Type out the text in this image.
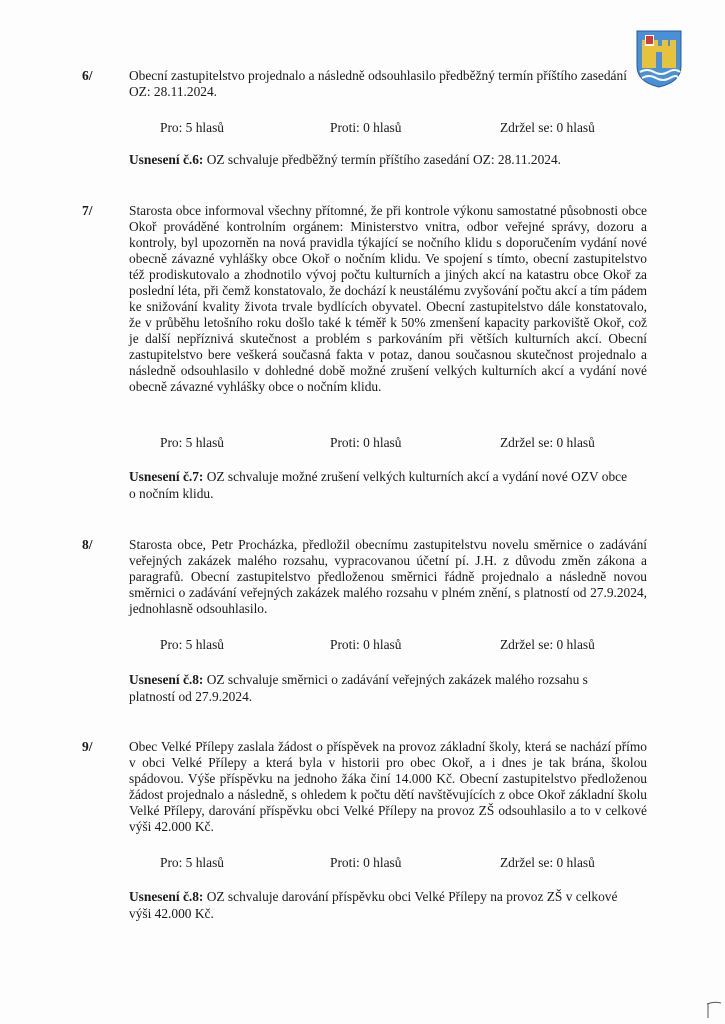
6/	Obecní zastupitelstvo projednalo a následně odsouhlasilo předběžný termín příštího zasedání OZ: 28.11.2024.

Pro: 5 hlasů	Proti: 0 hlasů	Zdržel se: 0 hlasů

Usnesení č.6: OZ schvaluje předběžný termín příštího zasedání OZ: 28.11.2024.

7/	Starosta obce informoval všechny přítomné, že při kontrole výkonu samostatné působnosti obce Okoř prováděné kontrolním orgánem: Ministerstvo vnitra, odbor veřejné správy, dozoru a kontroly, byl upozorněn na nová pravidla týkající se nočního klidu s doporučením vydání nové obecně závazné vyhlášky obce Okoř o nočním klidu. Ve spojení s tímto, obecní zastupitelstvo též prodiskutovalo a zhodnotilo vývoj počtu kulturních a jiných akcí na katastru obce Okoř za poslední léta, při čemž konstatovalo, že dochází k neustálému zvyšování počtu akcí a tím pádem ke snižování kvality života trvale bydlících obyvatel. Obecní zastupitelstvo dále konstatovalo, že v průběhu letošního roku došlo také k téměř k 50% zmenšení kapacity parkoviště Okoř, což je další nepříznivá skutečnost a problém s parkováním při větších kulturních akcí. Obecní zastupitelstvo bere veškerá současná fakta v potaz, danou současnou skutečnost projednalo a následně odsouhlasilo v dohledné době možné zrušení velkých kulturních akcí a vydání nové obecně závazné vyhlášky obce o nočním klidu.

Pro: 5 hlasů	Proti: 0 hlasů	Zdržel se: 0 hlasů

Usnesení č.7: OZ schvaluje možné zrušení velkých kulturních akcí a vydání nové OZV obce o nočním klidu.

8/	Starosta obce, Petr Procházka, předložil obecnímu zastupitelstvu novelu směrnice o zadávání veřejných zakázek malého rozsahu, vypracovanou účetní pí. J.H. z důvodu změn zákona a paragrafů. Obecní zastupitelstvo předloženou směrnici řádně projednalo a následně novou směrnici o zadávání veřejných zakázek malého rozsahu v plném znění, s platností od 27.9.2024, jednohlasně odsouhlasilo.

Pro: 5 hlasů	Proti: 0 hlasů	Zdržel se: 0 hlasů

Usnesení č.8: OZ schvaluje směrnici o zadávání veřejných zakázek malého rozsahu s platností od 27.9.2024.

9/	Obec Velké Přílepy zaslala žádost o příspěvek na provoz základní školy, která se nachází přímo v obci Velké Přílepy a která byla v historii pro obec Okoř, a i dnes je tak brána, školou spádovou. Výše příspěvku na jednoho žáka činí 14.000 Kč. Obecní zastupitelstvo předloženou žádost projednalo a následně, s ohledem k počtu dětí navštěvujících z obce Okoř základní školu Velké Přílepy, darování příspěvku obci Velké Přílepy na provoz ZŠ odsouhlasilo a to v celkové výši 42.000 Kč.

Pro: 5 hlasů	Proti: 0 hlasů	Zdržel se: 0 hlasů

Usnesení č.8: OZ schvaluje darování příspěvku obci Velké Přílepy na provoz ZŠ v celkové výši 42.000 Kč.
